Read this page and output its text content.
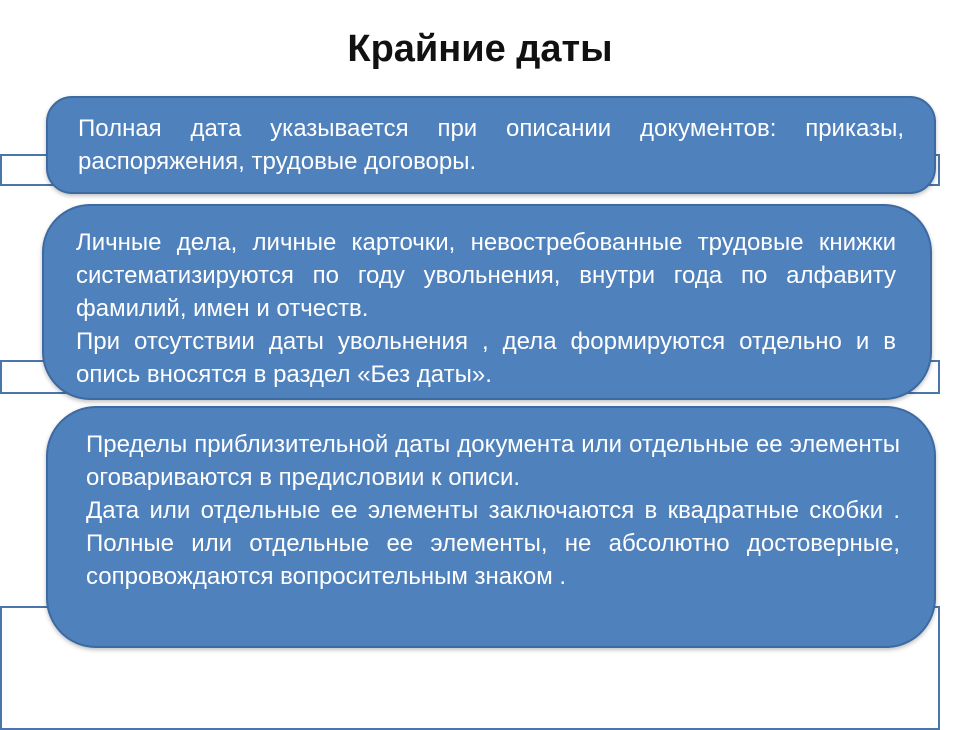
Крайние даты

Полная дата указывается при описании документов: приказы, распоряжения, трудовые договоры.

Личные дела, личные карточки, невостребованные трудовые книжки систематизируются по году увольнения, внутри года по алфавиту фамилий, имен и отчеств.

При отсутствии даты увольнения , дела формируются отдельно и в опись вносятся в раздел «Без даты».

Пределы приблизительной даты документа или отдельные ее элементы оговариваются в предисловии к описи.

Дата или отдельные ее элементы заключаются в квадратные скобки . Полные или отдельные ее элементы, не абсолютно достоверные, сопровождаются вопросительным знаком .
